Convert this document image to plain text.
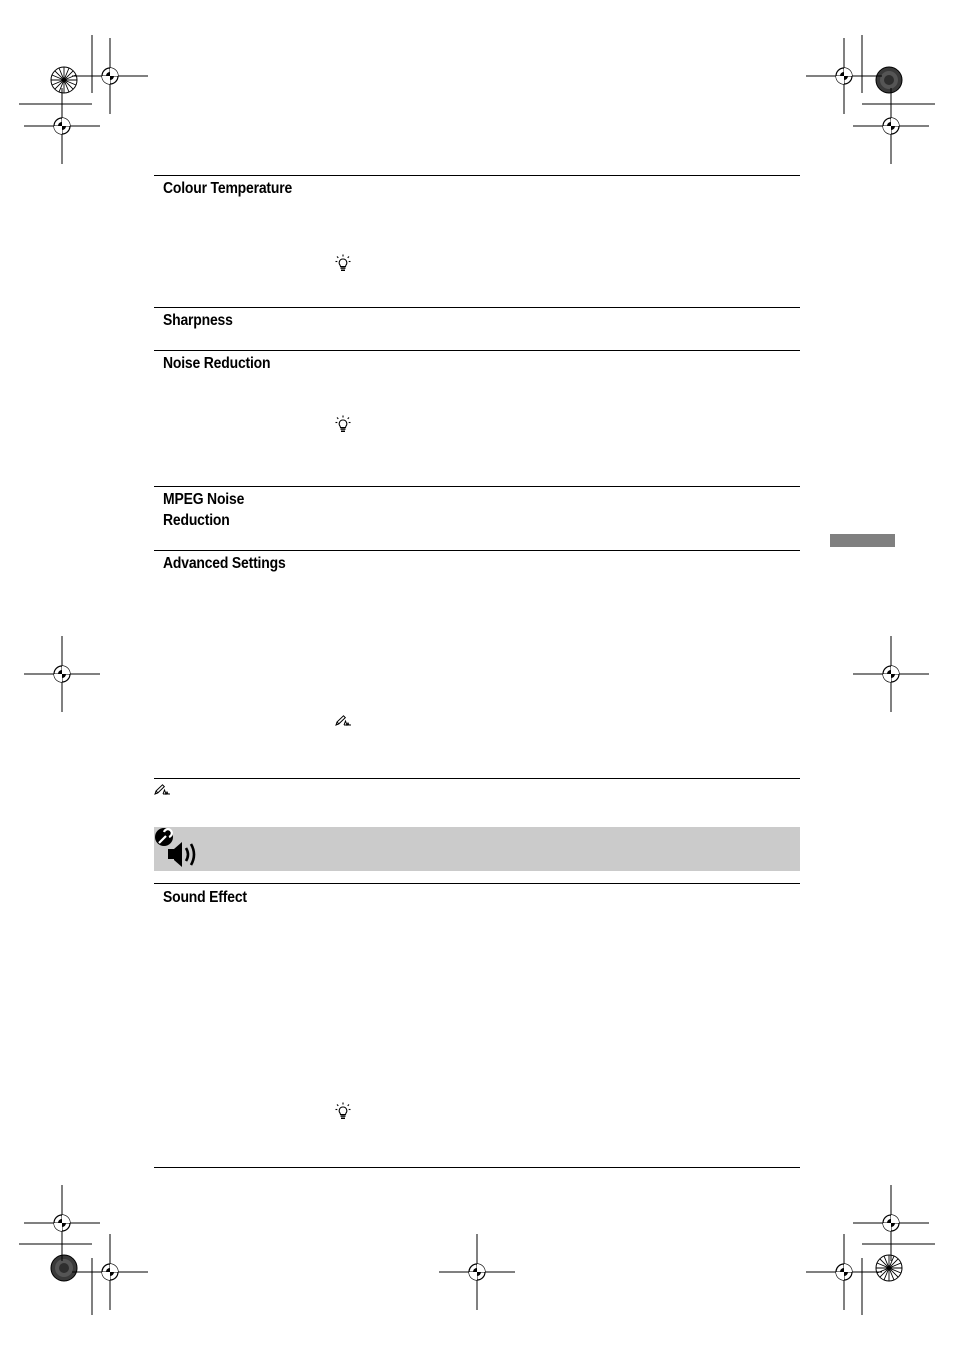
Colour Temperature
Sharpness
Noise Reduction
MPEG Noise
Reduction
Advanced Settings
Sound Effect
